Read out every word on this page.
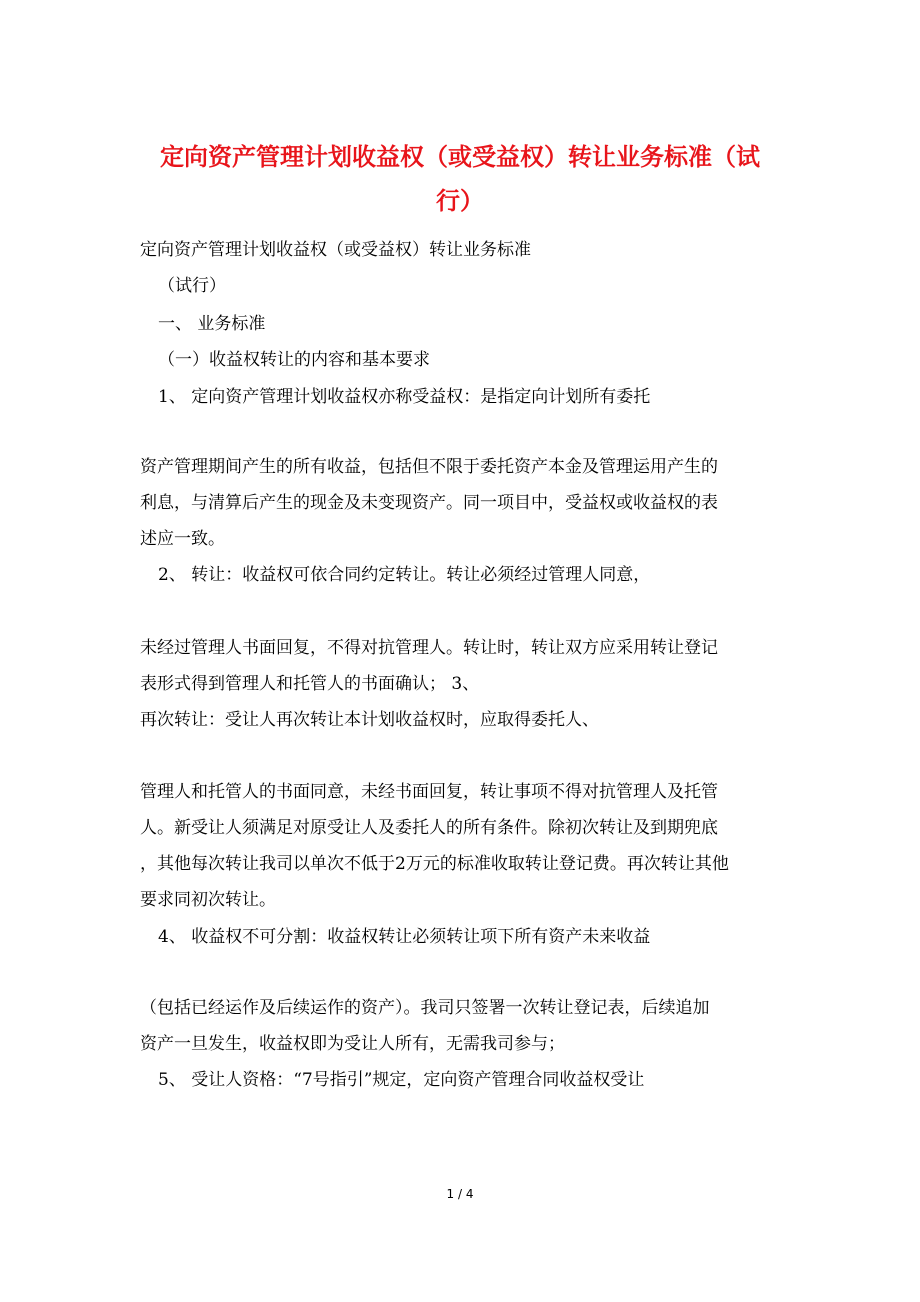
定向资产管理计划收益权（或受益权）转让业务标准（试
行）
定向资产管理计划收益权（或受益权）转让业务标准
（试行）
一、 业务标准
（一）收益权转让的内容和基本要求
1、 定向资产管理计划收益权亦称受益权：是指定向计划所有委托
资产管理期间产生的所有收益，包括但不限于委托资产本金及管理运用产生的
利息，与清算后产生的现金及未变现资产。同一项目中，受益权或收益权的表
述应一致。
2、 转让：收益权可依合同约定转让。转让必须经过管理人同意，
未经过管理人书面回复，不得对抗管理人。转让时，转让双方应采用转让登记
表形式得到管理人和托管人的书面确认； 3、
再次转让：受让人再次转让本计划收益权时，应取得委托人、
管理人和托管人的书面同意，未经书面回复，转让事项不得对抗管理人及托管
人。新受让人须满足对原受让人及委托人的所有条件。除初次转让及到期兜底
，其他每次转让我司以单次不低于2万元的标准收取转让登记费。再次转让其他
要求同初次转让。
4、 收益权不可分割：收益权转让必须转让项下所有资产未来收益
（包括已经运作及后续运作的资产）。我司只签署一次转让登记表，后续追加
资产一旦发生，收益权即为受让人所有，无需我司参与；
5、 受让人资格：“7号指引”规定，定向资产管理合同收益权受让
1 / 4
